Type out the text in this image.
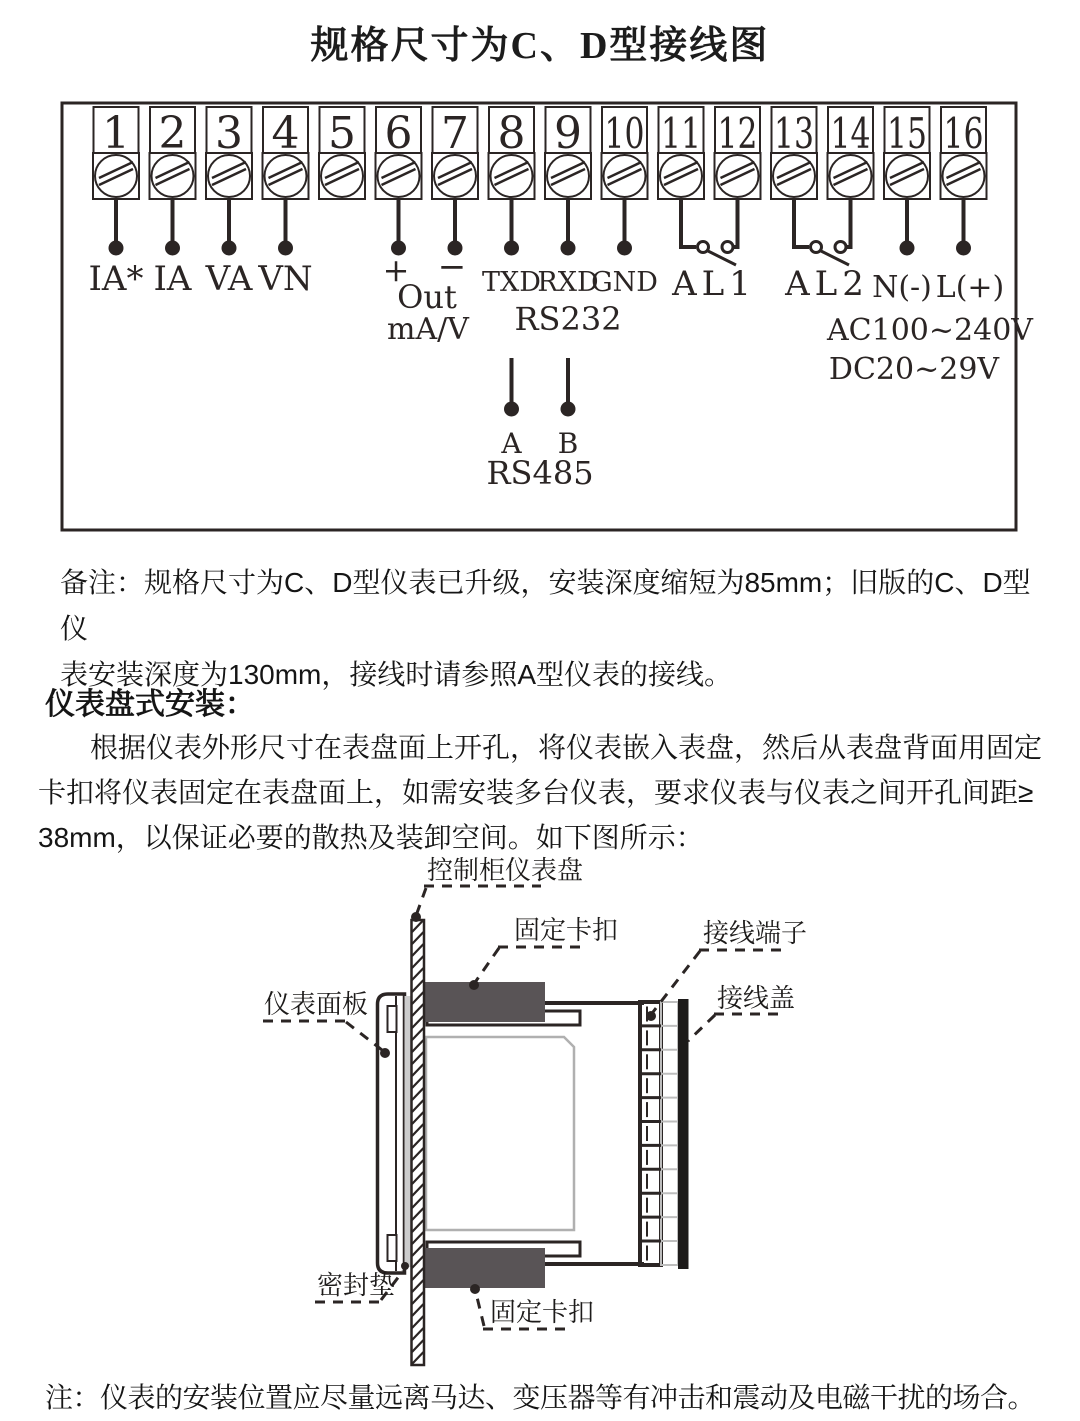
1 2 3 4 5 6 7 8 9 10 11 12 13 14 15 16
IA* IA VA VN + −
Out
mA/V
TXD
RXD
GND
RS232
AL1 AL2 N(-) L(+)
AC100~240V
DC20~29V
A B
RS485
控制柜仪表盘
固定卡扣	接线端子
接线盖
仪表面板
密封垫
固定卡扣
规格尺寸为C、D型接线图
备注：规格尺寸为C、D型仪表已升级，安装深度缩短为85mm；旧版的C、D型仪
表安装深度为130mm，接线时请参照A型仪表的接线。
仪表盘式安装：
根据仪表外形尺寸在表盘面上开孔，将仪表嵌入表盘，然后从表盘背面用固定
卡扣将仪表固定在表盘面上，如需安装多台仪表，要求仪表与仪表之间开孔间距≥
38mm，以保证必要的散热及装卸空间。如下图所示：
注：仪表的安装位置应尽量远离马达、变压器等有冲击和震动及电磁干扰的场合。
